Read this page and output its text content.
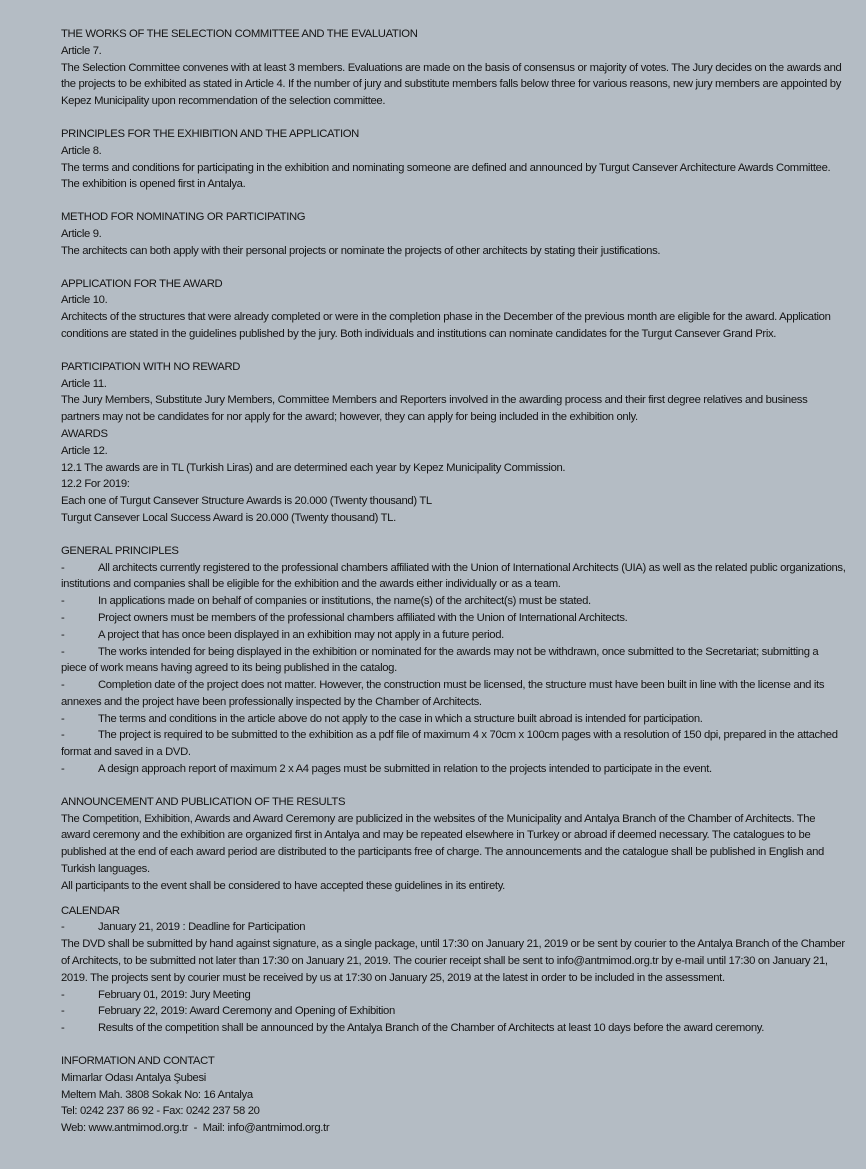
THE WORKS OF THE SELECTION COMMITTEE AND THE EVALUATION
Article 7.
The Selection Committee convenes with at least 3 members. Evaluations are made on the basis of consensus or majority of votes. The Jury decides on the awards and the projects to be exhibited as stated in Article 4. If the number of jury and substitute members falls below three for various reasons, new jury members are appointed by Kepez Municipality upon recommendation of the selection committee.
PRINCIPLES FOR THE EXHIBITION AND THE APPLICATION
Article 8.
The terms and conditions for participating in the exhibition and nominating someone are defined and announced by Turgut Cansever Architecture Awards Committee. The exhibition is opened first in Antalya.
METHOD FOR NOMINATING OR PARTICIPATING
Article 9.
The architects can both apply with their personal projects or nominate the projects of other architects by stating their justifications.
APPLICATION FOR THE AWARD
Article 10.
Architects of the structures that were already completed or were in the completion phase in the December of the previous month are eligible for the award. Application conditions are stated in the guidelines published by the jury. Both individuals and institutions can nominate candidates for the Turgut Cansever Grand Prix.
PARTICIPATION WITH NO REWARD
Article 11.
The Jury Members, Substitute Jury Members, Committee Members and Reporters involved in the awarding process and their first degree relatives and business partners may not be candidates for nor apply for the award; however, they can apply for being included in the exhibition only.
AWARDS
Article 12.
12.1 The awards are in TL (Turkish Liras) and are determined each year by Kepez Municipality Commission.
12.2 For 2019:
Each one of Turgut Cansever Structure Awards is 20.000 (Twenty thousand) TL
Turgut Cansever Local Success Award is 20.000 (Twenty thousand) TL.
GENERAL PRINCIPLES
-	All architects currently registered to the professional chambers affiliated with the Union of International Architects (UIA) as well as the related public organizations, institutions and companies shall be eligible for the exhibition and the awards either individually or as a team.
-	In applications made on behalf of companies or institutions, the name(s) of the architect(s) must be stated.
-	Project owners must be members of the professional chambers affiliated with the Union of International Architects.
-	A project that has once been displayed in an exhibition may not apply in a future period.
-	The works intended for being displayed in the exhibition or nominated for the awards may not be withdrawn, once submitted to the Secretariat; submitting a piece of work means having agreed to its being published in the catalog.
-	Completion date of the project does not matter. However, the construction must be licensed, the structure must have been built in line with the license and its annexes and the project have been professionally inspected by the Chamber of Architects.
-	The terms and conditions in the article above do not apply to the case in which a structure built abroad is intended for participation.
-	The project is required to be submitted to the exhibition as a pdf file of maximum 4 x 70cm x 100cm pages with a resolution of 150 dpi, prepared in the attached format and saved in a DVD.
-	A design approach report of maximum 2 x A4 pages must be submitted in relation to the projects intended to participate in the event.
ANNOUNCEMENT AND PUBLICATION OF THE RESULTS
The Competition, Exhibition, Awards and Award Ceremony are publicized in the websites of the Municipality and Antalya Branch of the Chamber of Architects. The award ceremony and the exhibition are organized first in Antalya and may be repeated elsewhere in Turkey or abroad if deemed necessary. The catalogues to be published at the end of each award period are distributed to the participants free of charge. The announcements and the catalogue shall be published in English and Turkish languages.
All participants to the event shall be considered to have accepted these guidelines in its entirety.
CALENDAR
-	January 21, 2019 : Deadline for Participation
The DVD shall be submitted by hand against signature, as a single package, until 17:30 on January 21, 2019 or be sent by courier to the Antalya Branch of the Chamber of Architects, to be submitted not later than 17:30 on January 21, 2019. The courier receipt shall be sent to info@antmimod.org.tr by e-mail until 17:30 on January 21, 2019. The projects sent by courier must be received by us at 17:30 on January 25, 2019 at the latest in order to be included in the assessment.
-	February 01, 2019: Jury Meeting
-	February 22, 2019: Award Ceremony and Opening of Exhibition
-	Results of the competition shall be announced by the Antalya Branch of the Chamber of Architects at least 10 days before the award ceremony.
INFORMATION AND CONTACT
Mimarlar Odası Antalya Şubesi
Meltem Mah. 3808 Sokak No: 16 Antalya
Tel: 0242 237 86 92 - Fax: 0242 237 58 20
Web: www.antmimod.org.tr  -  Mail: info@antmimod.org.tr
